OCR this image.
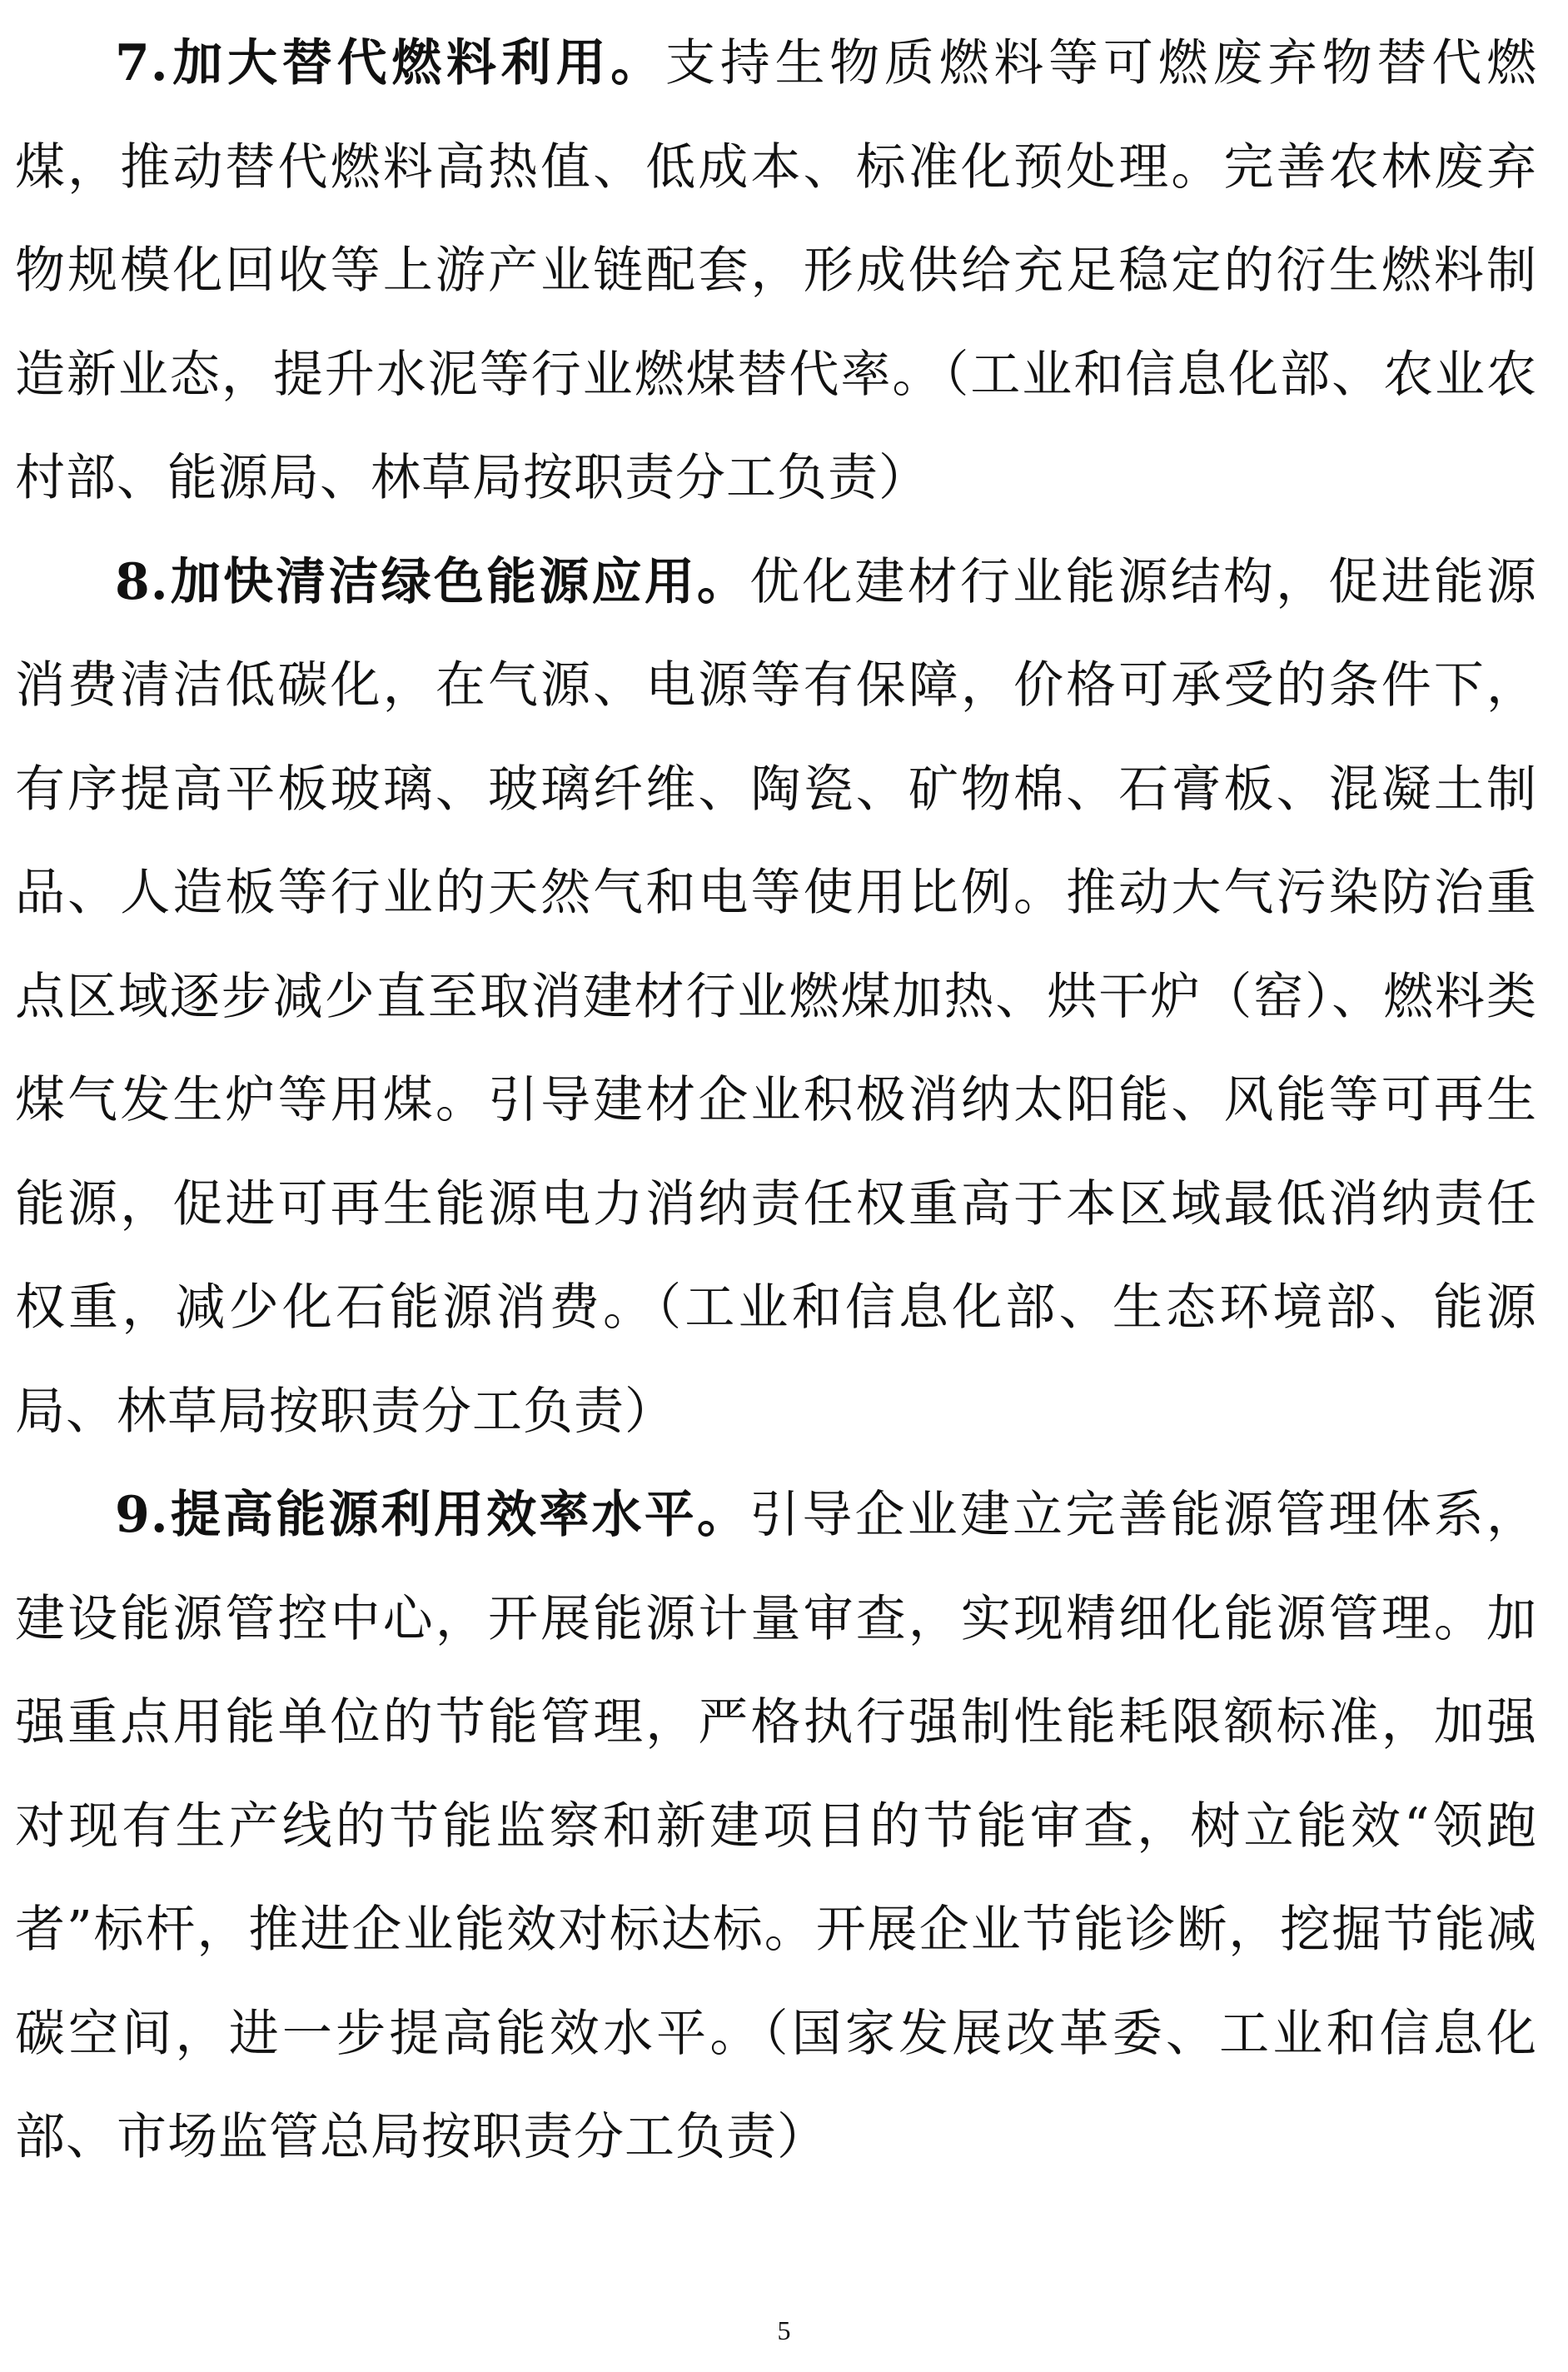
7.加大替代燃料利用。支持生物质燃料等可燃废弃物替代燃煤，推动替代燃料高热值、低成本、标准化预处理。完善农林废弃物规模化回收等上游产业链配套，形成供给充足稳定的衍生燃料制造新业态，提升水泥等行业燃煤替代率。（工业和信息化部、农业农村部、能源局、林草局按职责分工负责）

8.加快清洁绿色能源应用。优化建材行业能源结构，促进能源消费清洁低碳化，在气源、电源等有保障，价格可承受的条件下，有序提高平板玻璃、玻璃纤维、陶瓷、矿物棉、石膏板、混凝土制品、人造板等行业的天然气和电等使用比例。推动大气污染防治重点区域逐步减少直至取消建材行业燃煤加热、烘干炉（窑）、燃料类煤气发生炉等用煤。引导建材企业积极消纳太阳能、风能等可再生能源，促进可再生能源电力消纳责任权重高于本区域最低消纳责任权重，减少化石能源消费。（工业和信息化部、生态环境部、能源局、林草局按职责分工负责）

9.提高能源利用效率水平。引导企业建立完善能源管理体系，建设能源管控中心，开展能源计量审查，实现精细化能源管理。加强重点用能单位的节能管理，严格执行强制性能耗限额标准，加强对现有生产线的节能监察和新建项目的节能审查，树立能效“领跑者”标杆，推进企业能效对标达标。开展企业节能诊断，挖掘节能减碳空间，进一步提高能效水平。（国家发展改革委、工业和信息化部、市场监管总局按职责分工负责）

5
